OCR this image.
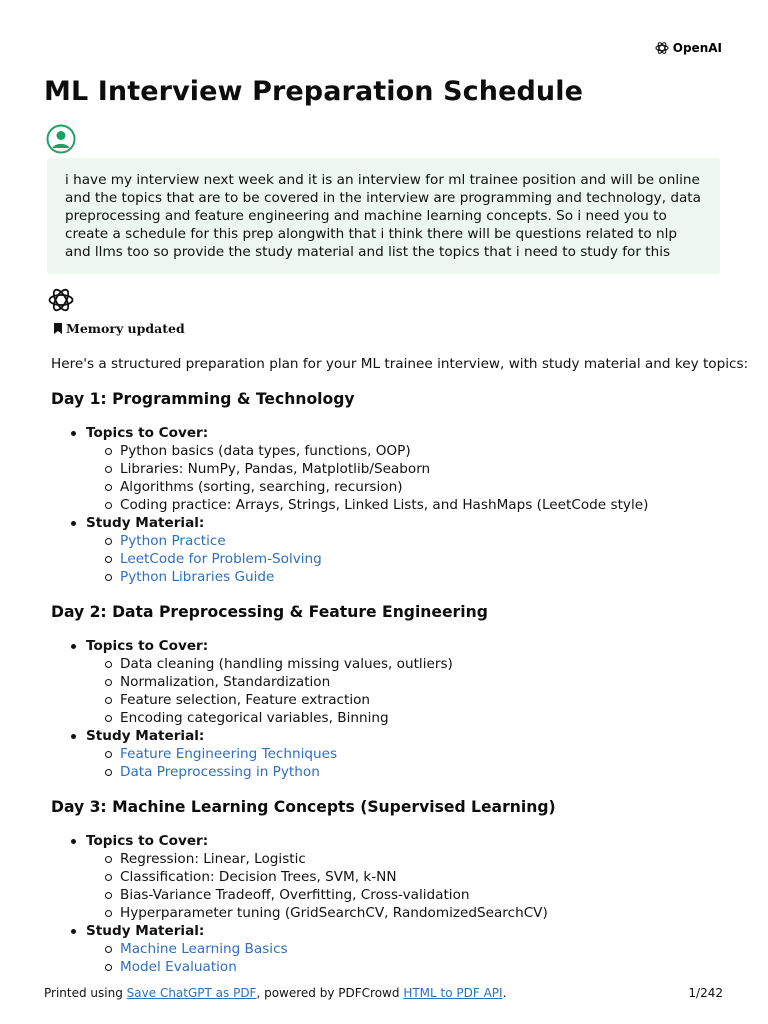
OpenAI
ML Interview Preparation Schedule
i have my interview next week and it is an interview for ml trainee position and will be online and the topics that are to be covered in the interview are programming and technology, data preprocessing and feature engineering and machine learning concepts. So i need you to create a schedule for this prep alongwith that i think there will be questions related to nlp and llms too so provide the study material and list the topics that i need to study for this
Memory updated
Here's a structured preparation plan for your ML trainee interview, with study material and key topics:
Day 1: Programming & Technology
Topics to Cover:
Python basics (data types, functions, OOP)
Libraries: NumPy, Pandas, Matplotlib/Seaborn
Algorithms (sorting, searching, recursion)
Coding practice: Arrays, Strings, Linked Lists, and HashMaps (LeetCode style)
Study Material:
Python Practice
LeetCode for Problem-Solving
Python Libraries Guide
Day 2: Data Preprocessing & Feature Engineering
Topics to Cover:
Data cleaning (handling missing values, outliers)
Normalization, Standardization
Feature selection, Feature extraction
Encoding categorical variables, Binning
Study Material:
Feature Engineering Techniques
Data Preprocessing in Python
Day 3: Machine Learning Concepts (Supervised Learning)
Topics to Cover:
Regression: Linear, Logistic
Classification: Decision Trees, SVM, k-NN
Bias-Variance Tradeoff, Overfitting, Cross-validation
Hyperparameter tuning (GridSearchCV, RandomizedSearchCV)
Study Material:
Machine Learning Basics
Model Evaluation
Printed using Save ChatGPT as PDF, powered by PDFCrowd HTML to PDF API.	1/242
